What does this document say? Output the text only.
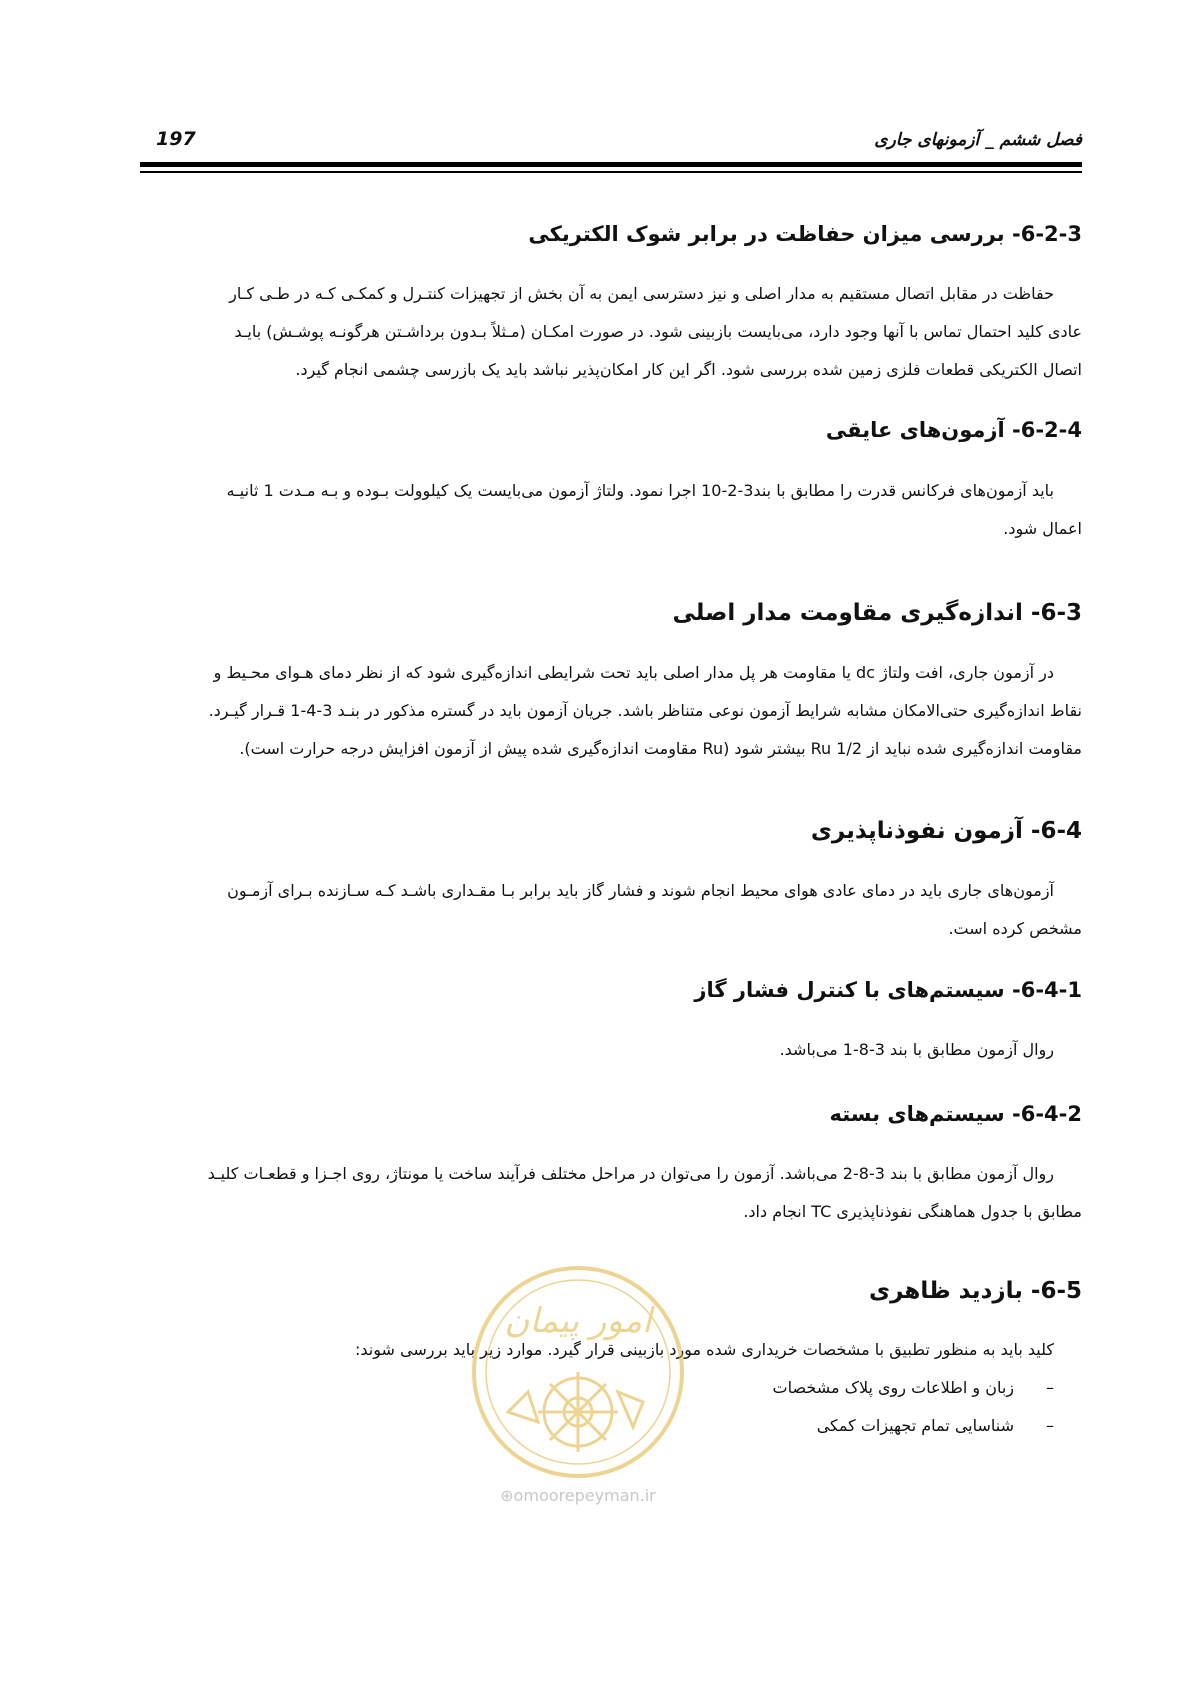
فصل ششم _ آزمونهای جاری
197
6-2-3- بررسی میزان حفاظت در برابر شوک الکتریکی
حفاظت در مقابل اتصال مستقیم به مدار اصلی و نیز دسترسی ایمن به آن بخش از تجهیزات کنتـرل و کمکـی کـه در طـی کـار
عادی کلید احتمال تماس با آنها وجود دارد، می‌بایست بازبینی شود. در صورت امکـان (مـثلاً بـدون برداشـتن هرگونـه پوشـش) بایـد
اتصال الکتریکی قطعات فلزی زمین شده بررسی شود. اگر این کار امکان‌پذیر نباشد باید یک بازرسی چشمی انجام گیرد.
6-2-4- آزمون‌های عایقی
باید آزمون‌های فرکانس قدرت را مطابق با بند3-2-10 اجرا نمود. ولتاژ آزمون می‌بایست یک کیلوولت بـوده و بـه مـدت 1 ثانیـه
اعمال شود.
6-3- اندازه‌گیری مقاومت مدار اصلی
در آزمون جاری، افت ولتاژ dc یا مقاومت هر پل مدار اصلی باید تحت شرایطی اندازه‌گیری شود که از نظر دمای هـوای محـیط و
نقاط اندازه‌گیری حتی‌الامکان مشابه شرایط آزمون نوعی متناظر باشد. جریان آزمون باید در گستره مذکور در بنـد 3-4-1 قـرار گیـرد.
مقاومت اندازه‌گیری شده نباید از 1/2 Ru بیشتر شود (Ru مقاومت اندازه‌گیری شده پیش از آزمون افزایش درجه حرارت است).
6-4- آزمون نفوذناپذیری
آزمون‌های جاری باید در دمای عادی هوای محیط انجام شوند و فشار گاز باید برابر بـا مقـداری باشـد کـه سـازنده بـرای آزمـون
مشخص کرده است.
6-4-1- سیستم‌های با کنترل فشار گاز
روال آزمون مطابق با بند 3-8-1 می‌باشد.
6-4-2- سیستم‌های بسته
روال آزمون مطابق با بند 3-8-2 می‌باشد. آزمون را می‌توان در مراحل مختلف فرآیند ساخت یا مونتاژ، روی اجـزا و قطعـات کلیـد
مطابق با جدول هماهنگی نفوذناپذیری TC انجام داد.
6-5- بازدید ظاهری
کلید باید به منظور تطبیق با مشخصات خریداری شده مورد بازبینی قرار گیرد. موارد زیر باید بررسی شوند:
–زبان و اطلاعات روی پلاک مشخصات
–شناسایی تمام تجهیزات کمکی
امور پیمان
⊕omoorepeyman.ir
